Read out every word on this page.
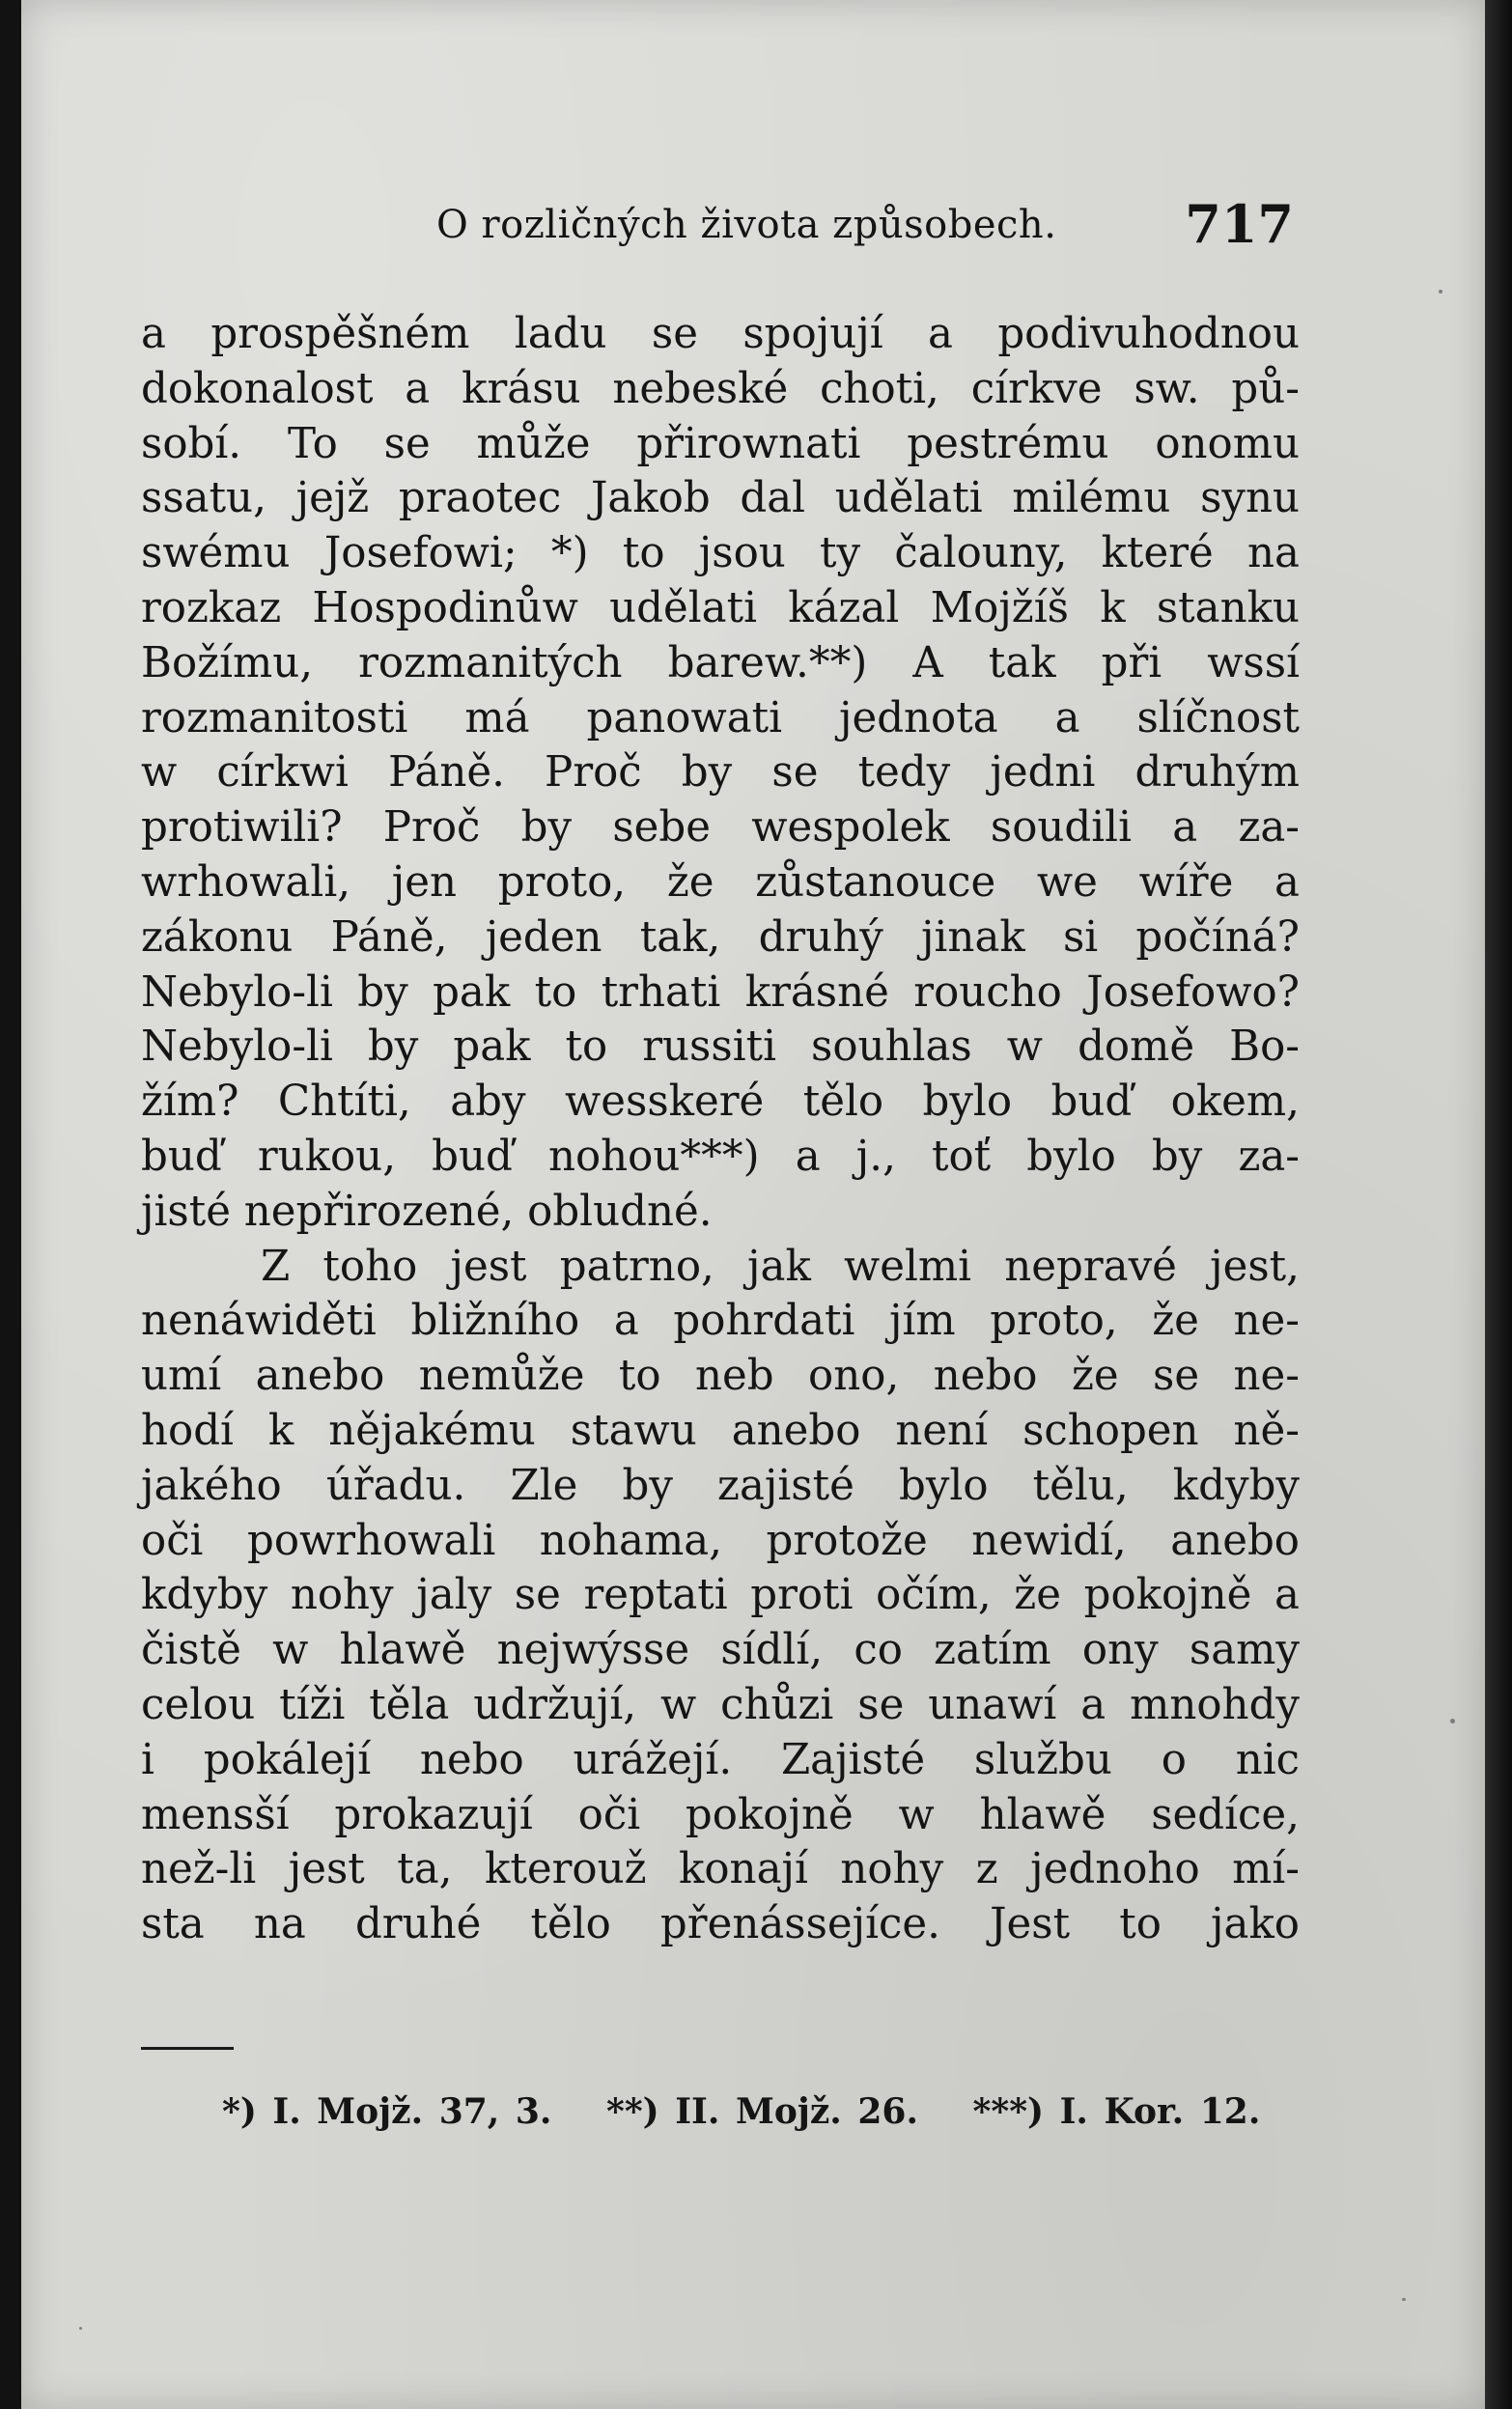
O rozličných života způsobech. 717
a prospěšném ladu se spojují a podivuhodnou
dokonalost a krásu nebeské choti, církve sw. pů-
sobí. To se může přirownati pestrému onomu
ssatu, jejž praotec Jakob dal udělati milému synu
swému Josefowi; *) to jsou ty čalouny, které na
rozkaz Hospodinůw udělati kázal Mojžíš k stanku
Božímu, rozmanitých barew.**) A tak při wssí
rozmanitosti má panowati jednota a slíčnost
w církwi Páně. Proč by se tedy jedni druhým
protiwili? Proč by sebe wespolek soudili a za-
wrhowali, jen proto, že zůstanouce we wíře a
zákonu Páně, jeden tak, druhý jinak si počíná?
Nebylo-li by pak to trhati krásné roucho Josefowo?
Nebylo-li by pak to russiti souhlas w domě Bo-
žím? Chtíti, aby wesskeré tělo bylo buď okem,
buď rukou, buď nohou***) a j., toť bylo by za-
jisté nepřirozené, obludné.
Z toho jest patrno, jak welmi nepravé jest,
nenáwiděti bližního a pohrdati jím proto, že ne-
umí anebo nemůže to neb ono, nebo že se ne-
hodí k nějakému stawu anebo není schopen ně-
jakého úřadu. Zle by zajisté bylo tělu, kdyby
oči powrhowali nohama, protože newidí, anebo
kdyby nohy jaly se reptati proti očím, že pokojně a
čistě w hlawě nejwýsse sídlí, co zatím ony samy
celou tíži těla udržují, w chůzi se unawí a mnohdy
i pokálejí nebo urážejí. Zajisté službu o nic
mensší prokazují oči pokojně w hlawě sedíce,
než-li jest ta, kterouž konají nohy z jednoho mí-
sta na druhé tělo přenássejíce. Jest to jako
*) I. Mojž. 37, 3. **) II. Mojž. 26. ***) I. Kor. 12.
